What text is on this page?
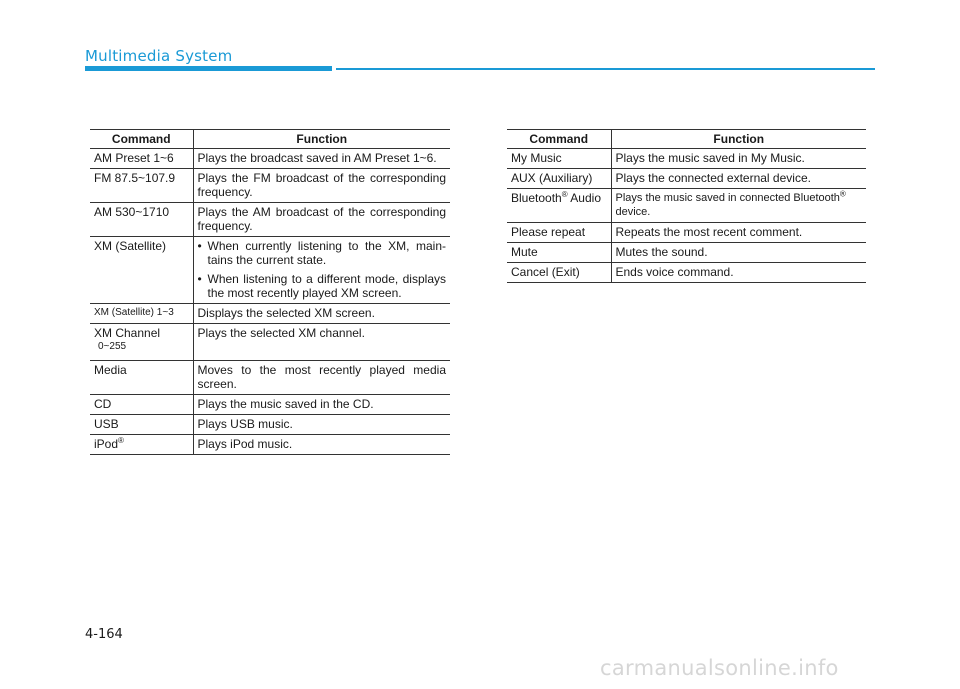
Multimedia System
Command	Function
AM Preset 1~6	Plays the broadcast saved in AM Preset 1~6.
FM 87.5~107.9	Plays the FM broadcast of the corresponding frequency.
AM 530~1710	Plays the AM broadcast of the corresponding frequency.
XM (Satellite)	• When currently listening to the XM, main-tains the current state.
• When listening to a different mode, displays the most recently played XM screen.

XM (Satellite) 1~3	Displays the selected XM screen.
XM Channel
0~255	Plays the selected XM channel.
Media	Moves to the most recently played media screen.
CD	Plays the music saved in the CD.
USB	Plays USB music.
iPod®	Plays iPod music.
Command	Function
My Music	Plays the music saved in My Music.
AUX (Auxiliary)	Plays the connected external device.
Bluetooth® Audio	Plays the music saved in connected Bluetooth®
device.

Please repeat	Repeats the most recent comment.
Mute	Mutes the sound.
Cancel (Exit)	Ends voice command.
4-164
carmanualsonline.info
